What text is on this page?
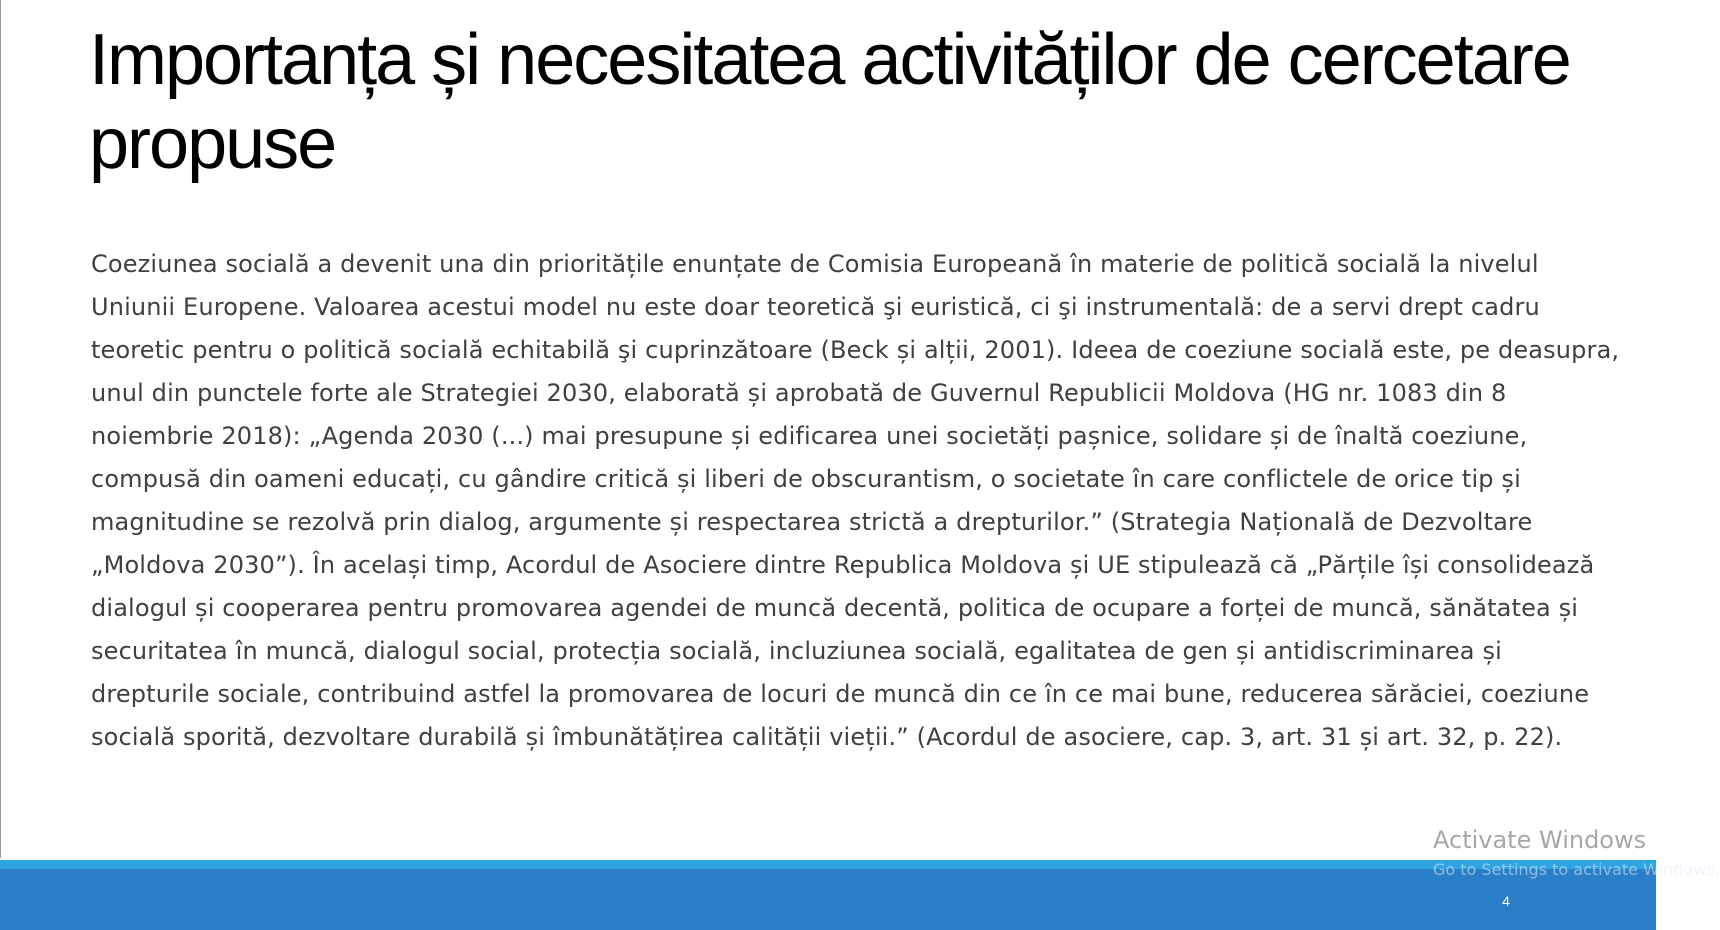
Importanța și necesitatea activităților de cercetare propuse

Coeziunea socială a devenit una din prioritățile enunțate de Comisia Europeană în materie de politică socială la nivelul Uniunii Europene. Valoarea acestui model nu este doar teoretică şi euristică, ci şi instrumentală: de a servi drept cadru teoretic pentru o politică socială echitabilă şi cuprinzătoare (Beck și alții, 2001). Ideea de coeziune socială este, pe deasupra, unul din punctele forte ale Strategiei 2030, elaborată și aprobată de Guvernul Republicii Moldova (HG nr. 1083 din 8 noiembrie 2018): „Agenda 2030 (...) mai presupune și edificarea unei societăți pașnice, solidare și de înaltă coeziune, compusă din oameni educați, cu gândire critică și liberi de obscurantism, o societate în care conflictele de orice tip și magnitudine se rezolvă prin dialog, argumente și respectarea strictă a drepturilor.” (Strategia Națională de Dezvoltare „Moldova 2030”). În același timp, Acordul de Asociere dintre Republica Moldova și UE stipulează că „Părțile își consolidează dialogul și cooperarea pentru promovarea agendei de muncă decentă, politica de ocupare a forței de muncă, sănătatea și securitatea în muncă, dialogul social, protecția socială, incluziunea socială, egalitatea de gen și antidiscriminarea și drepturile sociale, contribuind astfel la promovarea de locuri de muncă din ce în ce mai bune, reducerea sărăciei, coeziune socială sporită, dezvoltare durabilă și îmbunătățirea calității vieții.” (Acordul de asociere, cap. 3, art. 31 și art. 32, p. 22).

4
Activate Windows
Go to Settings to activate Windows.
